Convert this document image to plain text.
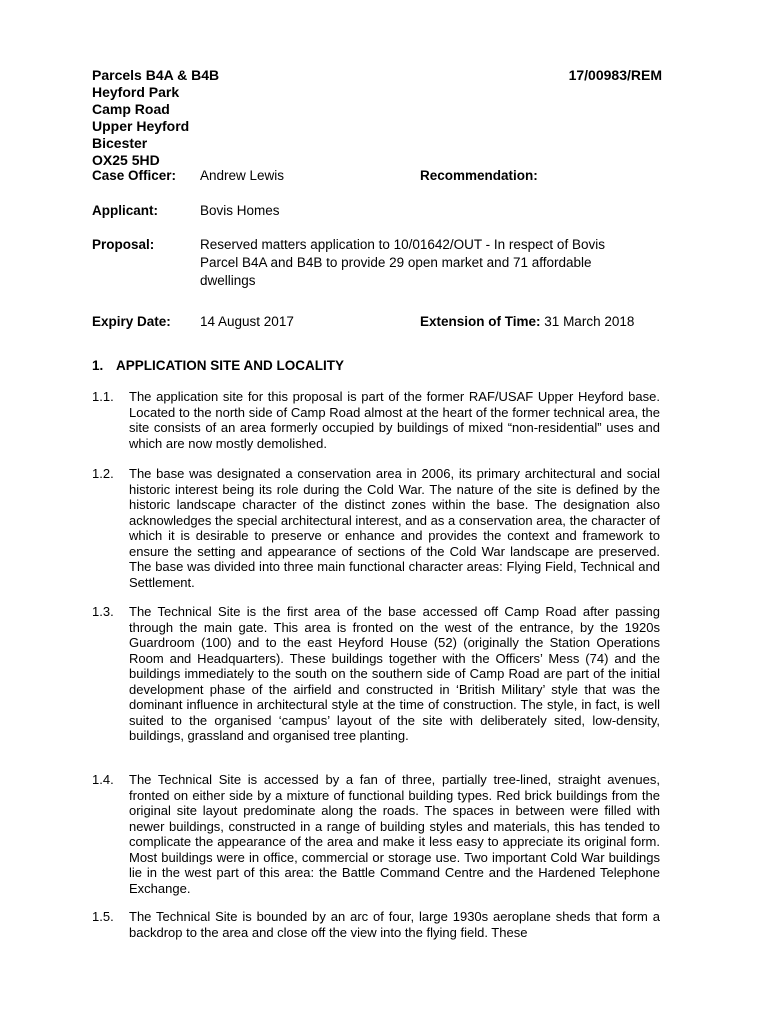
Parcels B4A & B4B
Heyford Park
Camp Road
Upper Heyford
Bicester
OX25 5HD
17/00983/REM
Case Officer: Andrew Lewis	Recommendation:
Applicant:	Bovis Homes
Proposal:	Reserved matters application to 10/01642/OUT - In respect of Bovis Parcel B4A and B4B to provide 29 open market and 71 affordable dwellings
Expiry Date: 14 August 2017	Extension of Time: 31 March 2018
1. APPLICATION SITE AND LOCALITY
1.1. The application site for this proposal is part of the former RAF/USAF Upper Heyford base. Located to the north side of Camp Road almost at the heart of the former technical area, the site consists of an area formerly occupied by buildings of mixed “non-residential” uses and which are now mostly demolished.
1.2. The base was designated a conservation area in 2006, its primary architectural and social historic interest being its role during the Cold War. The nature of the site is defined by the historic landscape character of the distinct zones within the base. The designation also acknowledges the special architectural interest, and as a conservation area, the character of which it is desirable to preserve or enhance and provides the context and framework to ensure the setting and appearance of sections of the Cold War landscape are preserved. The base was divided into three main functional character areas: Flying Field, Technical and Settlement.
1.3. The Technical Site is the first area of the base accessed off Camp Road after passing through the main gate. This area is fronted on the west of the entrance, by the 1920s Guardroom (100) and to the east Heyford House (52) (originally the Station Operations Room and Headquarters). These buildings together with the Officers’ Mess (74) and the buildings immediately to the south on the southern side of Camp Road are part of the initial development phase of the airfield and constructed in ‘British Military’ style that was the dominant influence in architectural style at the time of construction. The style, in fact, is well suited to the organised ‘campus’ layout of the site with deliberately sited, low-density, buildings, grassland and organised tree planting.
1.4. The Technical Site is accessed by a fan of three, partially tree-lined, straight avenues, fronted on either side by a mixture of functional building types. Red brick buildings from the original site layout predominate along the roads. The spaces in between were filled with newer buildings, constructed in a range of building styles and materials, this has tended to complicate the appearance of the area and make it less easy to appreciate its original form. Most buildings were in office, commercial or storage use. Two important Cold War buildings lie in the west part of this area: the Battle Command Centre and the Hardened Telephone Exchange.
1.5. The Technical Site is bounded by an arc of four, large 1930s aeroplane sheds that form a backdrop to the area and close off the view into the flying field. These
